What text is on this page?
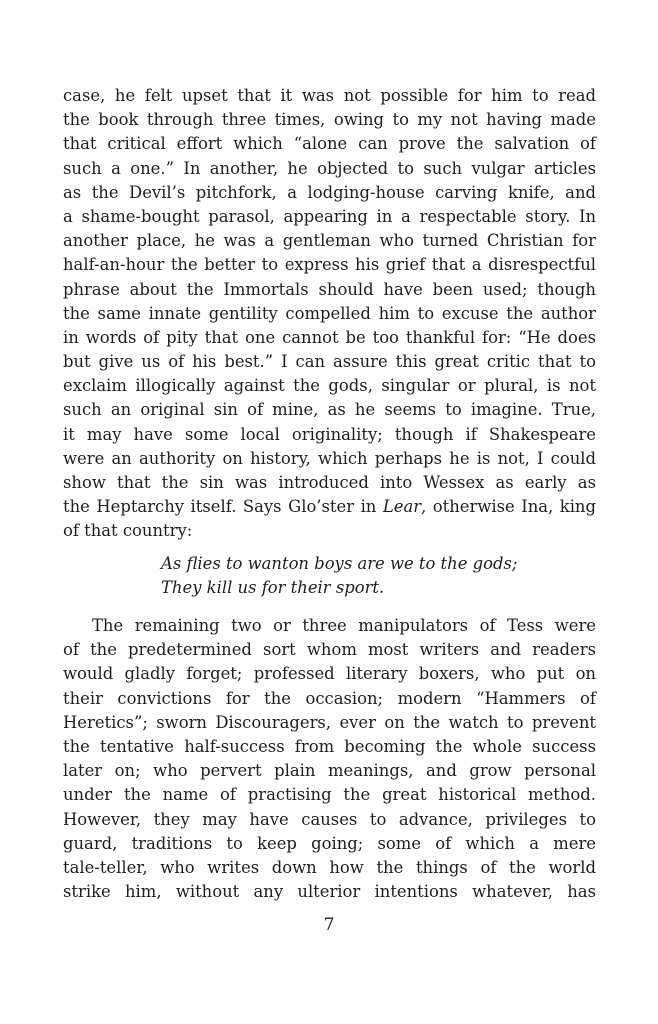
case, he felt upset that it was not possible for him to read
the book through three times, owing to my not having made
that critical effort which “alone can prove the salvation of
such a one.” In another, he objected to such vulgar articles
as the Devil’s pitchfork, a lodging-house carving knife, and
a shame-bought parasol, appearing in a respectable story. In
another place, he was a gentleman who turned Christian for
half-an-hour the better to express his grief that a disrespectful
phrase about the Immortals should have been used; though
the same innate gentility compelled him to excuse the author
in words of pity that one cannot be too thankful for: “He does
but give us of his best.” I can assure this great critic that to
exclaim illogically against the gods, singular or plural, is not
such an original sin of mine, as he seems to imagine. True,
it may have some local originality; though if Shakespeare
were an authority on history, which perhaps he is not, I could
show that the sin was introduced into Wessex as early as
the Heptarchy itself. Says Glo’ster in Lear, otherwise Ina, king
of that country:
As flies to wanton boys are we to the gods;
They kill us for their sport.
The remaining two or three manipulators of Tess were
of the predetermined sort whom most writers and readers
would gladly forget; professed literary boxers, who put on
their convictions for the occasion; modern “Hammers of
Heretics”; sworn Discouragers, ever on the watch to prevent
the tentative half-success from becoming the whole success
later on; who pervert plain meanings, and grow personal
under the name of practising the great historical method.
However, they may have causes to advance, privileges to
guard, traditions to keep going; some of which a mere
tale-teller, who writes down how the things of the world
strike him, without any ulterior intentions whatever, has
7
